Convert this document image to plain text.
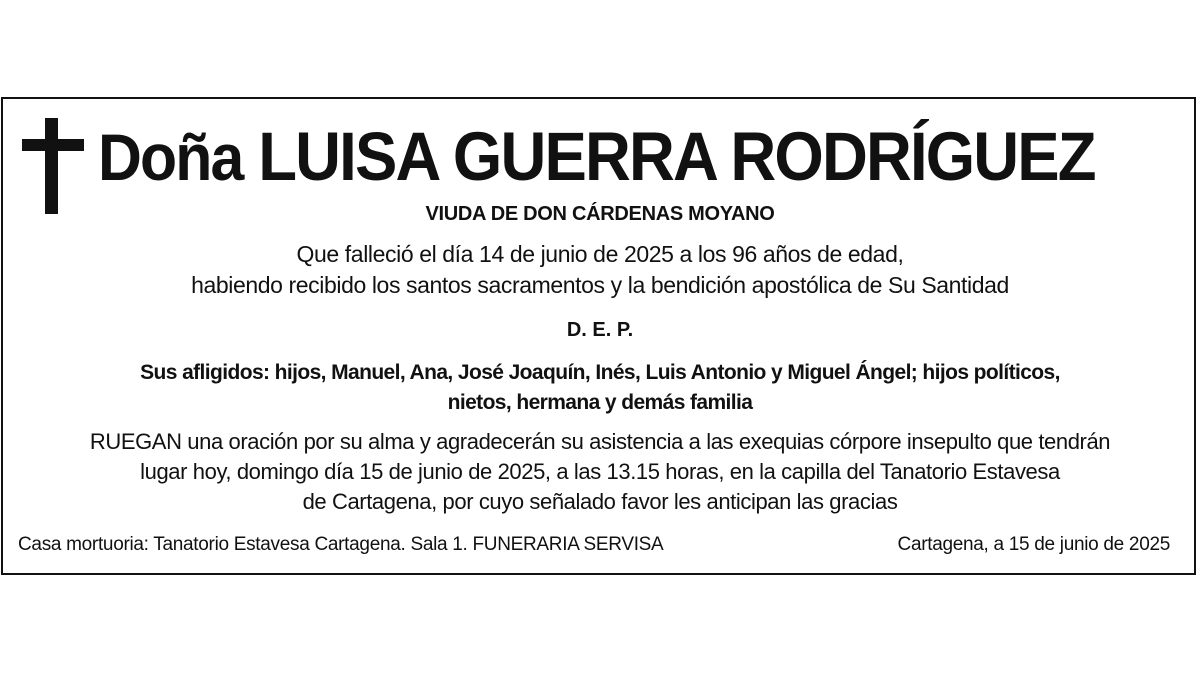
Doña LUISA GUERRA RODRÍGUEZ
VIUDA DE DON CÁRDENAS MOYANO
Que falleció el día 14 de junio de 2025 a los 96 años de edad,
habiendo recibido los santos sacramentos y la bendición apostólica de Su Santidad
D. E. P.
Sus afligidos: hijos, Manuel, Ana, José Joaquín, Inés, Luis Antonio y Miguel Ángel; hijos políticos,
nietos, hermana y demás familia
RUEGAN una oración por su alma y agradecerán su asistencia a las exequias córpore insepulto que tendrán
lugar hoy, domingo día 15 de junio de 2025, a las 13.15 horas, en la capilla del Tanatorio Estavesa
de Cartagena, por cuyo señalado favor les anticipan las gracias
Casa mortuoria: Tanatorio Estavesa Cartagena. Sala 1. FUNERARIA SERVISA	Cartagena, a 15 de junio de 2025
